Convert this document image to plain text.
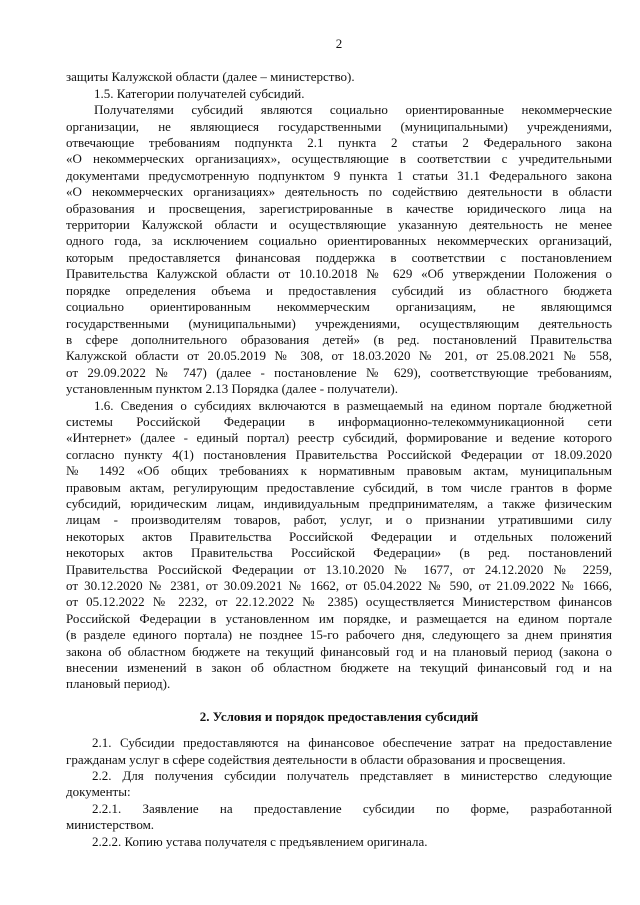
2
защиты Калужской области (далее – министерство).
1.5. Категории получателей субсидий.
Получателями субсидий являются социально ориентированные некоммерческие
организации, не являющиеся государственными (муниципальными) учреждениями,
отвечающие требованиям подпункта 2.1 пункта 2 статьи 2 Федерального закона
«О некоммерческих организациях», осуществляющие в соответствии с учредительными
документами предусмотренную подпунктом 9 пункта 1 статьи 31.1 Федерального закона
«О некоммерческих организациях» деятельность по содействию деятельности в области
образования и просвещения, зарегистрированные в качестве юридического лица на
территории Калужской области и осуществляющие указанную деятельность не менее
одного года, за исключением социально ориентированных некоммерческих организаций,
которым предоставляется финансовая поддержка в соответствии с постановлением
Правительства Калужской области от 10.10.2018 № 629 «Об утверждении Положения о
порядке определения объема и предоставления субсидий из областного бюджета
социально ориентированным некоммерческим организациям, не являющимся
государственными (муниципальными) учреждениями, осуществляющим деятельность
в сфере дополнительного образования детей» (в ред. постановлений Правительства
Калужской области от 20.05.2019 № 308, от 18.03.2020 № 201, от 25.08.2021 № 558,
от 29.09.2022 № 747) (далее - постановление № 629), соответствующие требованиям,
установленным пунктом 2.13 Порядка (далее - получатели).
1.6. Сведения о субсидиях включаются в размещаемый на едином портале бюджетной
системы Российской Федерации в информационно-телекоммуникационной сети
«Интернет» (далее - единый портал) реестр субсидий, формирование и ведение которого
согласно пункту 4(1) постановления Правительства Российской Федерации от 18.09.2020
№ 1492 «Об общих требованиях к нормативным правовым актам, муниципальным
правовым актам, регулирующим предоставление субсидий, в том числе грантов в форме
субсидий, юридическим лицам, индивидуальным предпринимателям, а также физическим
лицам - производителям товаров, работ, услуг, и о признании утратившими силу
некоторых актов Правительства Российской Федерации и отдельных положений
некоторых актов Правительства Российской Федерации» (в ред. постановлений
Правительства Российской Федерации от 13.10.2020 № 1677, от 24.12.2020 № 2259,
от 30.12.2020 № 2381, от 30.09.2021 № 1662, от 05.04.2022 № 590, от 21.09.2022 № 1666,
от 05.12.2022 № 2232, от 22.12.2022 № 2385) осуществляется Министерством финансов
Российской Федерации в установленном им порядке, и размещается на едином портале
(в разделе единого портала) не позднее 15-го рабочего дня, следующего за днем принятия
закона об областном бюджете на текущий финансовый год и на плановый период (закона о
внесении изменений в закон об областном бюджете на текущий финансовый год и на
плановый период).
2. Условия и порядок предоставления субсидий
2.1. Субсидии предоставляются на финансовое обеспечение затрат на предоставление
гражданам услуг в сфере содействия деятельности в области образования и просвещения.
2.2. Для получения субсидии получатель представляет в министерство следующие
документы:
2.2.1. Заявление на предоставление субсидии по форме, разработанной
министерством.
2.2.2. Копию устава получателя с предъявлением оригинала.
